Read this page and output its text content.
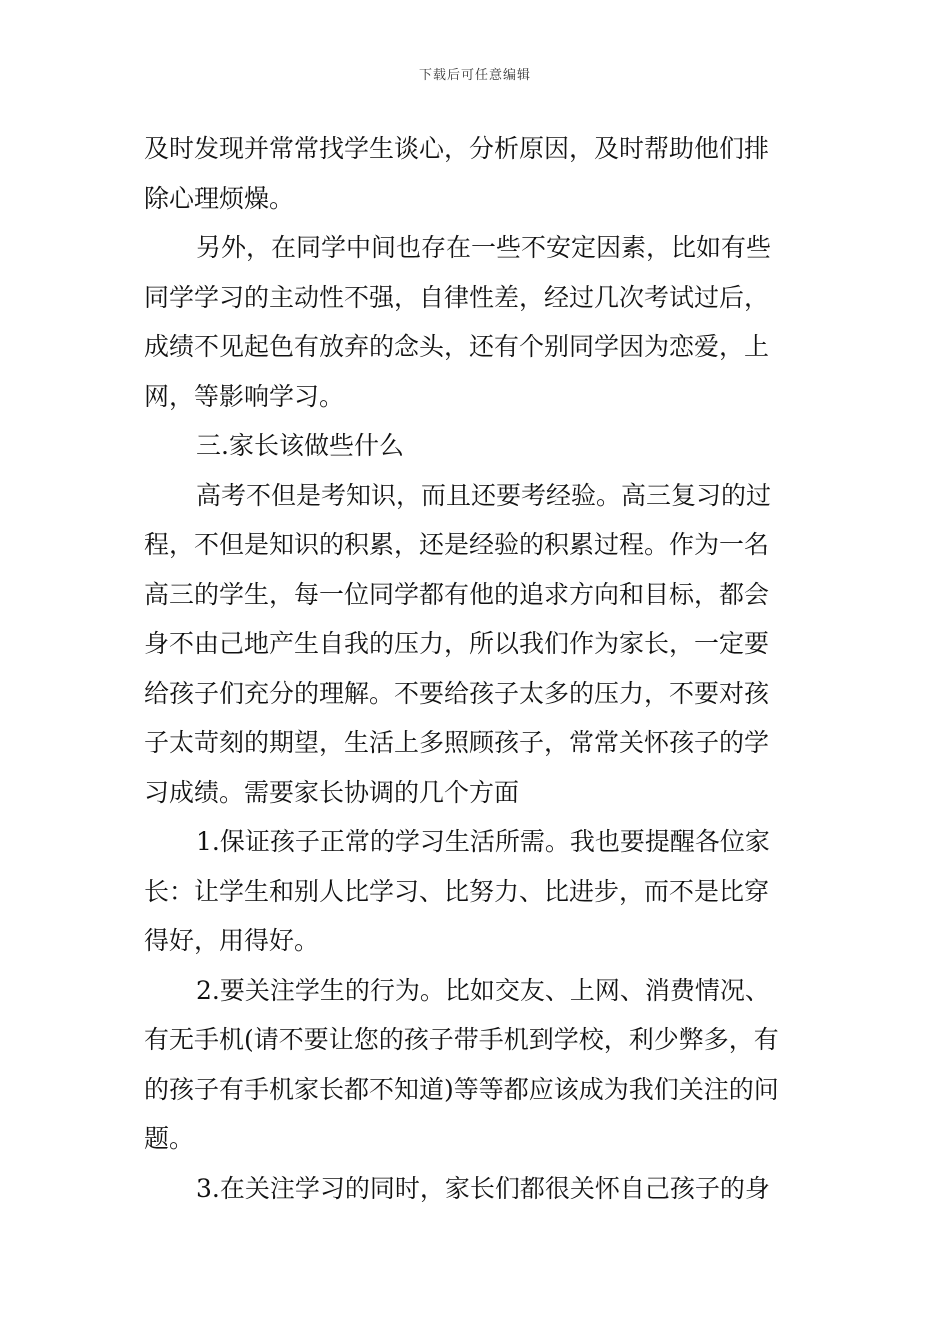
下载后可任意编辑
及时发现并常常找学生谈心，分析原因，及时帮助他们排
除心理烦燥。
另外，在同学中间也存在一些不安定因素，比如有些
同学学习的主动性不强，自律性差，经过几次考试过后，
成绩不见起色有放弃的念头，还有个别同学因为恋爱，上
网，等影响学习。
三.家长该做些什么
高考不但是考知识，而且还要考经验。高三复习的过
程，不但是知识的积累，还是经验的积累过程。作为一名
高三的学生，每一位同学都有他的追求方向和目标，都会
身不由己地产生自我的压力，所以我们作为家长，一定要
给孩子们充分的理解。不要给孩子太多的压力，不要对孩
子太苛刻的期望，生活上多照顾孩子，常常关怀孩子的学
习成绩。需要家长协调的几个方面
1.保证孩子正常的学习生活所需。我也要提醒各位家
长：让学生和别人比学习、比努力、比进步，而不是比穿
得好，用得好。
2.要关注学生的行为。比如交友、上网、消费情况、
有无手机(请不要让您的孩子带手机到学校，利少弊多，有
的孩子有手机家长都不知道)等等都应该成为我们关注的问
题。
3.在关注学习的同时，家长们都很关怀自己孩子的身
